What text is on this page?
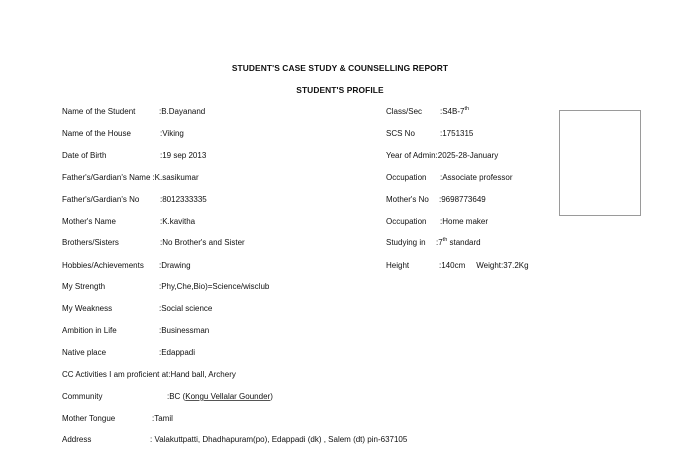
STUDENT'S CASE STUDY & COUNSELLING REPORT
STUDENT'S PROFILE
Name of the Student	:B.Dayanand
Name of the House	:Viking
Date of Birth	:19 sep 2013
Father's/Gardian's Name :K.sasikumar
Father's/Gardian's No	:8012333335
Mother's Name	:K.kavitha
Brothers/Sisters	:No Brother's and Sister
Hobbies/Achievements :Drawing
My Strength	:Phy,Che,Bio)=Science/wisclub
My Weakness	:Social science
Ambition in Life	:Businessman
Native place	:Edappadi
CC Activities I am proficient at:Hand ball, Archery
Community	:BC (Kongu Vellalar Gounder)
Mother Tongue	:Tamil
Address	: Valakuttpatti, Dhadhapuram(po), Edappadi (dk) , Salem (dt) pin-637105
Class/Sec :S4B-7th
SCS No	:1751315
Year of Admin:2025-28-January
Occupation :Associate professor
Mother's No :9698773649
Occupation :Home maker
Studying in :7th standard
Height	:140cm Weight:37.2Kg
